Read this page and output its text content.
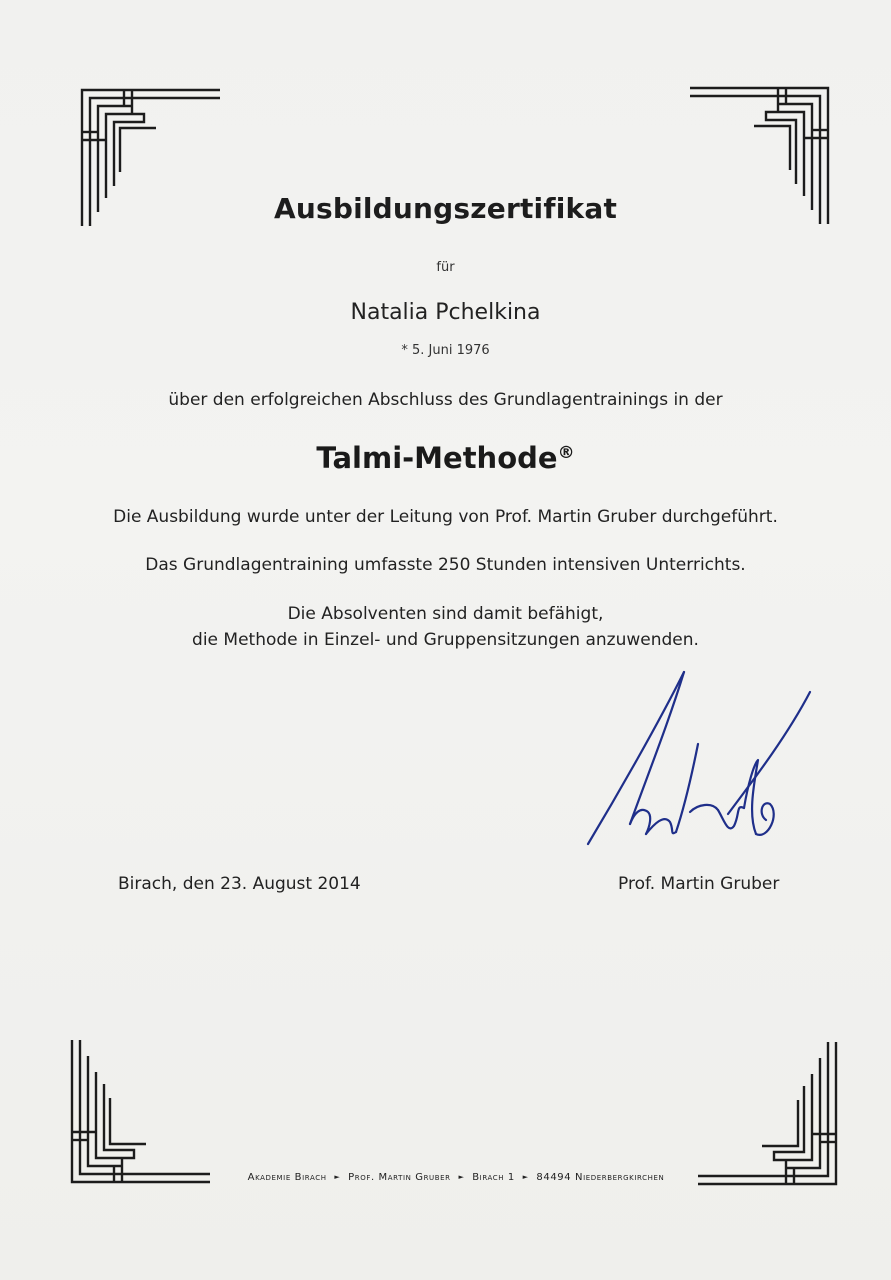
Ausbildungszertifikat
für
Natalia Pchelkina
* 5. Juni 1976
über den erfolgreichen Abschluss des Grundlagentrainings in der
Talmi-Methode®
Die Ausbildung wurde unter der Leitung von Prof. Martin Gruber durchgeführt.
Das Grundlagentraining umfasste 250 Stunden intensiven Unterrichts.
Die Absolventen sind damit befähigt,
die Methode in Einzel- und Gruppensitzungen anzuwenden.
Birach, den 23. August 2014	Prof. Martin Gruber
Akademie Birach ► Prof. Martin Gruber ► Birach 1 ► 84494 Niederbergkirchen
